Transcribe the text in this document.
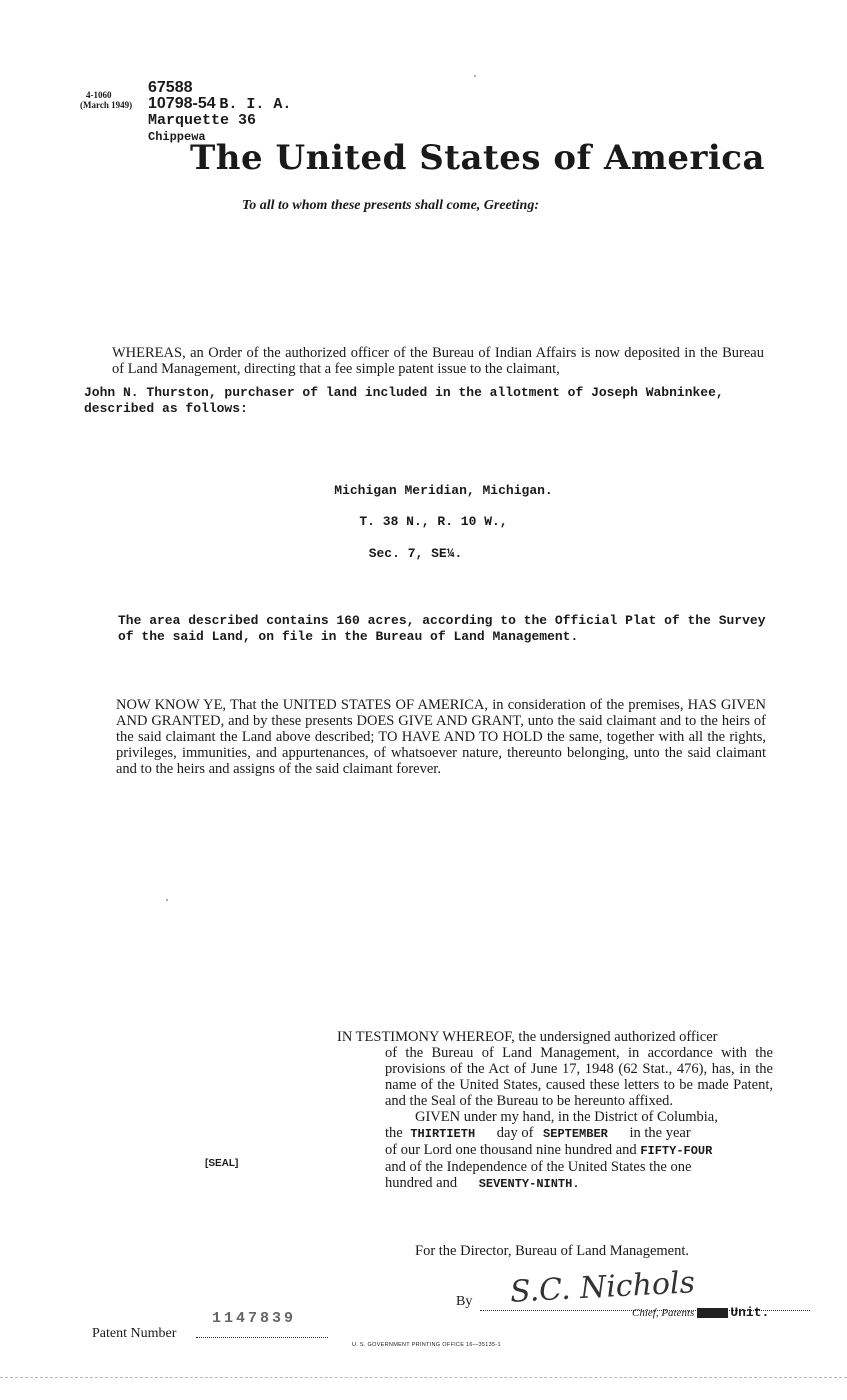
4-1060
(March 1949)
67588
10798-54 B. I. A.
Marquette 36
Chippewa
The United States of America
To all to whom these presents shall come, Greeting:
WHEREAS, an Order of the authorized officer of the Bureau of Indian Affairs is now deposited in the Bureau of Land Management, directing that a fee simple patent issue to the claimant,
John N. Thurston, purchaser of land included in the allotment of Joseph Wabninkee, described as follows:
Michigan Meridian, Michigan.
T. 38 N., R. 10 W.,
Sec. 7, SE¼.
The area described contains 160 acres, according to the Official Plat of the Survey of the said Land, on file in the Bureau of Land Management.
NOW KNOW YE, That the UNITED STATES OF AMERICA, in consideration of the premises, HAS GIVEN AND GRANTED, and by these presents DOES GIVE AND GRANT, unto the said claimant and to the heirs of the said claimant the Land above described; TO HAVE AND TO HOLD the same, together with all the rights, privileges, immunities, and appurtenances, of whatsoever nature, thereunto belonging, unto the said claimant and to the heirs and assigns of the said claimant forever.
IN TESTIMONY WHEREOF, the undersigned authorized officer
of the Bureau of Land Management, in accordance with the provisions of the Act of June 17, 1948 (62 Stat., 476), has, in the name of the United States, caused these letters to be made Patent, and the Seal of the Bureau to be hereunto affixed.
GIVEN under my hand, in the District of Columbia,
the THIRTIETH day of SEPTEMBER in the year
of our Lord one thousand nine hundred and FIFTY-FOUR
and of the Independence of the United States the one
hundred and SEVENTY-NINTH.
[SEAL]
For the Director, Bureau of Land Management.
S.C. Nichols
By
Chief, Patents Section Unit.
Patent Number
1147839
U. S. GOVERNMENT PRINTING OFFICE 16—35135-1
